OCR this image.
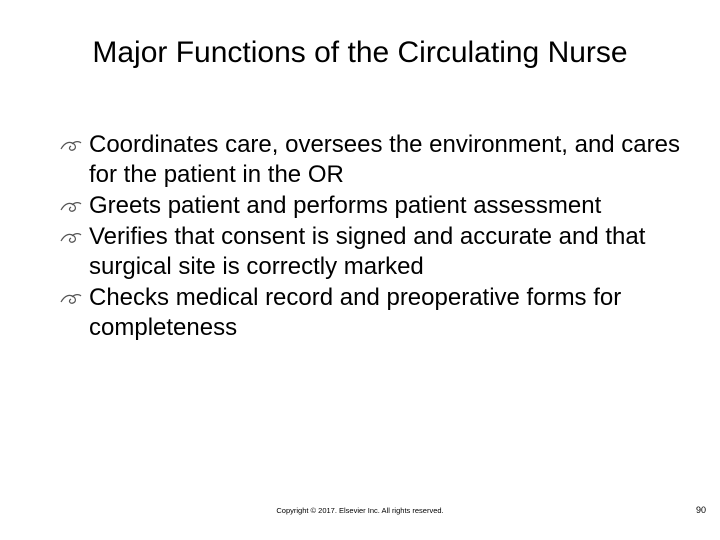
Major Functions of the Circulating Nurse
Coordinates care, oversees the environment, and cares for the patient in the OR
Greets patient and performs patient assessment
Verifies that consent is signed and accurate and that surgical site is correctly marked
Checks medical record and preoperative forms for completeness
Copyright © 2017. Elsevier Inc. All rights reserved.	90
